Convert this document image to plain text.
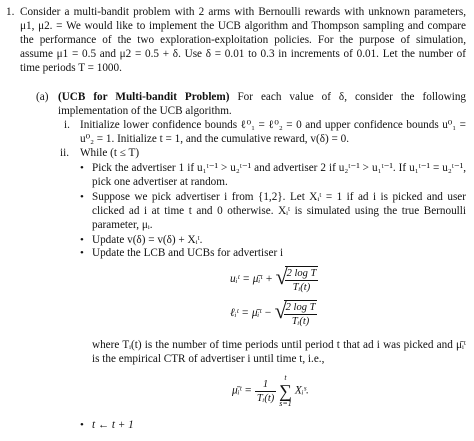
1. Consider a multi-bandit problem with 2 arms with Bernoulli rewards with unknown parameters, μ1, μ2. = We would like to implement the UCB algorithm and Thompson sampling and compare the performance of the two exploration-exploitation policies. For the purpose of simulation, assume μ1 = 0.5 and μ2 = 0.5 + δ. Use δ = 0.01 to 0.3 in increments of 0.01. Let the number of time periods T = 1000.
(a) (UCB for Multi-bandit Problem) For each value of δ, consider the following implementation of the UCB algorithm.
i. Initialize lower confidence bounds ℓ⁰₁ = ℓ⁰₂ = 0 and upper confidence bounds u⁰₁ = u⁰₂ = 1. Initialize t = 1, and the cumulative reward, v(δ) = 0.
ii. While (t ≤ T)
• Pick the advertiser 1 if u₁ᵗ⁻¹ > u₂ᵗ⁻¹ and advertiser 2 if u₂ᵗ⁻¹ > u₁ᵗ⁻¹. If u₁ᵗ⁻¹ = u₂ᵗ⁻¹, pick one advertiser at random.
• Suppose we pick advertiser i from {1,2}. Let Xᵢᵗ = 1 if ad i is picked and user clicked ad i at time t and 0 otherwise. Xᵢᵗ is simulated using the true Bernoulli parameter, μᵢ.
• Update v(δ) = v(δ) + Xᵢᵗ.
• Update the LCB and UCBs for advertiser i
uᵢᵗ = μ̄ᵢᵗ + √
$\frac{\text{2 log T}}{\text{Tᵢ(t)}}$
ℓᵢᵗ = μ̄ᵢᵗ − √
$\frac{\text{2 log T}}{\text{Tᵢ(t)}}$
where Tᵢ(t) is the number of time periods until period t that ad i was picked and μ̄ᵢᵗ is the empirical CTR of advertiser i until time t, i.e.,
μ̄ᵢᵗ = $\frac{1}{\text{Tᵢ(t)}}$

t
∑
s=1
Xᵢˢ.
• t ← t + 1
